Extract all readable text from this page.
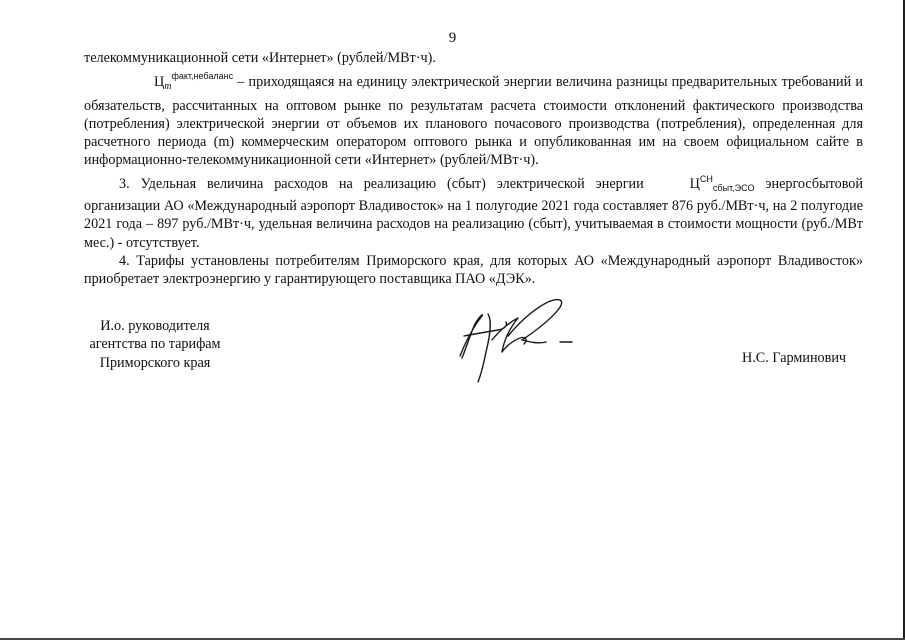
9

телекоммуникационной сети «Интернет» (рублей/МВт·ч).

$Ц_m^{факт,небаланс}$ – приходящаяся на единицу электрической энергии величина разницы предварительных требований и обязательств, рассчитанных на оптовом рынке по результатам расчета стоимости отклонений фактического производства (потребления) электрической энергии от объемов их планового почасового производства (потребления), определенная для расчетного периода (m) коммерческим оператором оптового рынка и опубликованная им на своем официальном сайте в информационно-телекоммуникационной сети «Интернет» (рублей/МВт·ч).

3. Удельная величина расходов на реализацию (сбыт) электрической энергии $Ц^{СН}_{сбыт,ЭСО}$ энергосбытовой организации АО «Международный аэропорт Владивосток» на 1 полугодие 2021 года составляет 876 руб./МВт·ч, на 2 полугодие 2021 года – 897 руб./МВт·ч, удельная величина расходов на реализацию (сбыт), учитываемая в стоимости мощности (руб./МВт мес.) - отсутствует.

4. Тарифы установлены потребителям Приморского края, для которых АО «Международный аэропорт Владивосток» приобретает электроэнергию у гарантирующего поставщика ПАО «ДЭК».

И.о. руководителя
агентства по тарифам
Приморского края	Н.С. Гарминович
